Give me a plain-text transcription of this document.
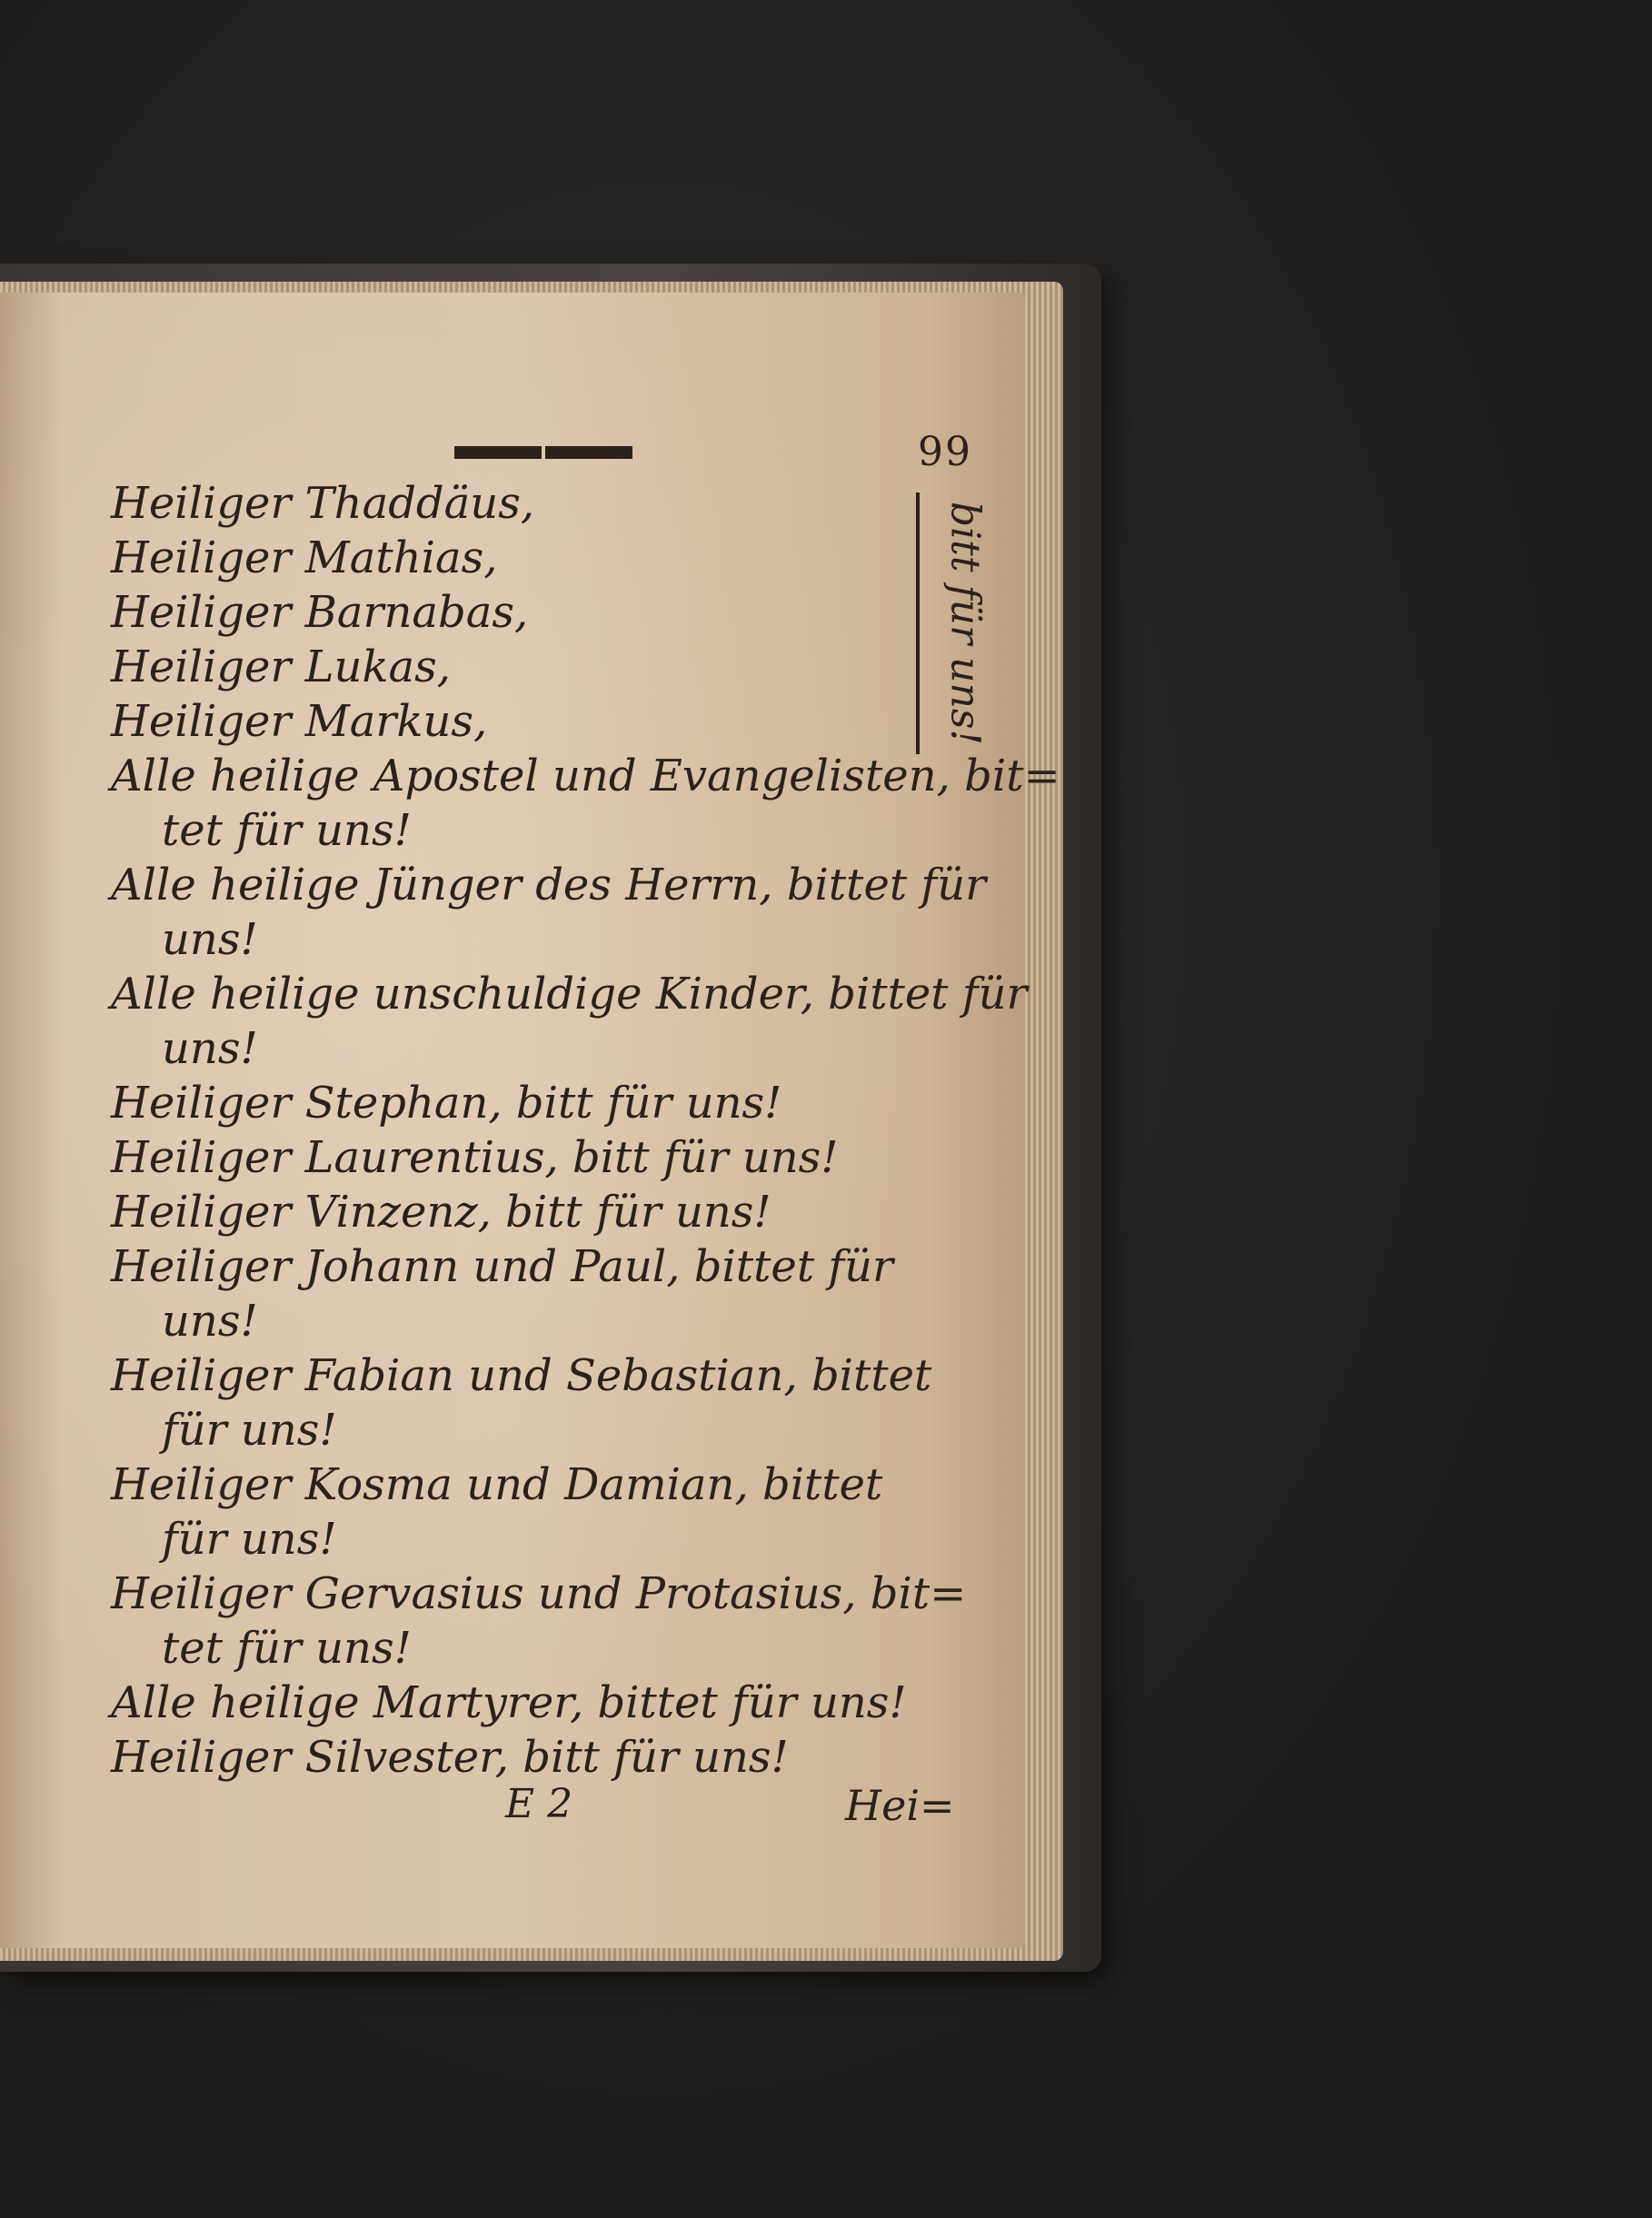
99
bitt für uns!
Heiliger Thaddäus,
Heiliger Mathias,
Heiliger Barnabas,
Heiliger Lukas,
Heiliger Markus,
Alle heilige Apostel und Evangelisten, bit=
tet für uns!
Alle heilige Jünger des Herrn, bittet für
uns!
Alle heilige unschuldige Kinder, bittet für
uns!
Heiliger Stephan, bitt für uns!
Heiliger Laurentius, bitt für uns!
Heiliger Vinzenz, bitt für uns!
Heiliger Johann und Paul, bittet für
uns!
Heiliger Fabian und Sebastian, bittet
für uns!
Heiliger Kosma und Damian, bittet
für uns!
Heiliger Gervasius und Protasius, bit=
tet für uns!
Alle heilige Martyrer, bittet für uns!
Heiliger Silvester, bitt für uns!
E 2	Hei=
